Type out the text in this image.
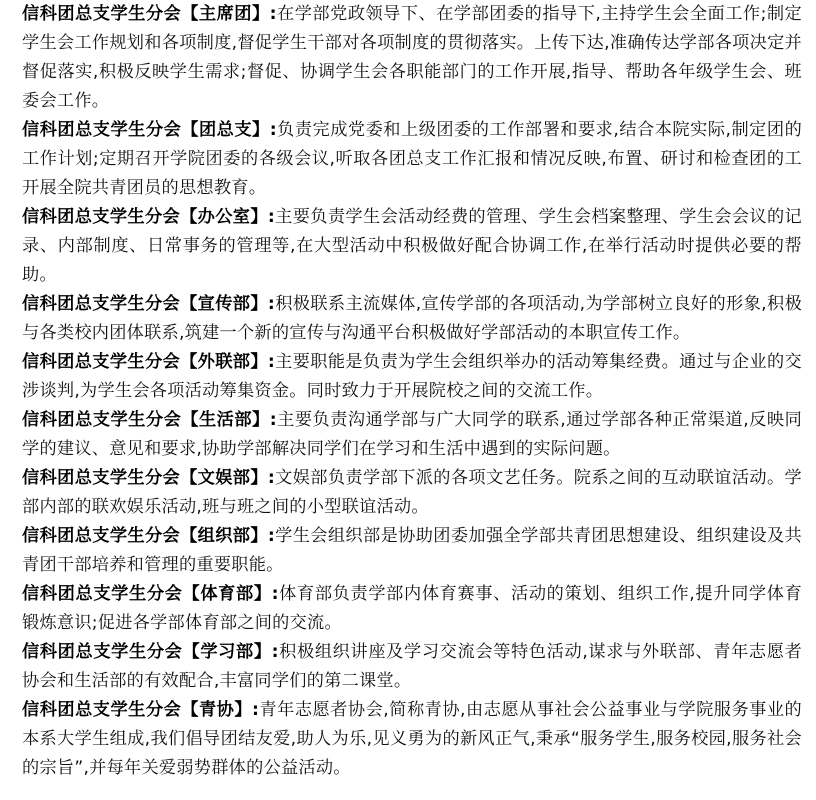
信科团总支学生分会【主席团】:在学部党政领导下、在学部团委的指导下,主持学生会全面工作;制定学生会工作规划和各项制度,督促学生干部对各项制度的贯彻落实。上传下达,准确传达学部各项决定并督促落实,积极反映学生需求;督促、协调学生会各职能部门的工作开展,指导、帮助各年级学生会、班委会工作。

信科团总支学生分会【团总支】:负责完成党委和上级团委的工作部署和要求,结合本院实际,制定团的工作计划;定期召开学院团委的各级会议,听取各团总支工作汇报和情况反映,布置、研讨和检查团的工开展全院共青团员的思想教育。

信科团总支学生分会【办公室】:主要负责学生会活动经费的管理、学生会档案整理、学生会会议的记录、内部制度、日常事务的管理等,在大型活动中积极做好配合协调工作,在举行活动时提供必要的帮助。

信科团总支学生分会【宣传部】:积极联系主流媒体,宣传学部的各项活动,为学部树立良好的形象,积极与各类校内团体联系,筑建一个新的宣传与沟通平台积极做好学部活动的本职宣传工作。

信科团总支学生分会【外联部】:主要职能是负责为学生会组织举办的活动筹集经费。通过与企业的交涉谈判,为学生会各项活动筹集资金。同时致力于开展院校之间的交流工作。

信科团总支学生分会【生活部】:主要负责沟通学部与广大同学的联系,通过学部各种正常渠道,反映同学的建议、意见和要求,协助学部解决同学们在学习和生活中遇到的实际问题。

信科团总支学生分会【文娱部】:文娱部负责学部下派的各项文艺任务。院系之间的互动联谊活动。学部内部的联欢娱乐活动,班与班之间的小型联谊活动。

信科团总支学生分会【组织部】:学生会组织部是协助团委加强全学部共青团思想建设、组织建设及共青团干部培养和管理的重要职能。

信科团总支学生分会【体育部】:体育部负责学部内体育赛事、活动的策划、组织工作,提升同学体育锻炼意识;促进各学部体育部之间的交流。

信科团总支学生分会【学习部】:积极组织讲座及学习交流会等特色活动,谋求与外联部、青年志愿者协会和生活部的有效配合,丰富同学们的第二课堂。

信科团总支学生分会【青协】:青年志愿者协会,简称青协,由志愿从事社会公益事业与学院服务事业的本系大学生组成,我们倡导团结友爱,助人为乐,见义勇为的新风正气,秉承“服务学生,服务校园,服务社会的宗旨”,并每年关爱弱势群体的公益活动。
